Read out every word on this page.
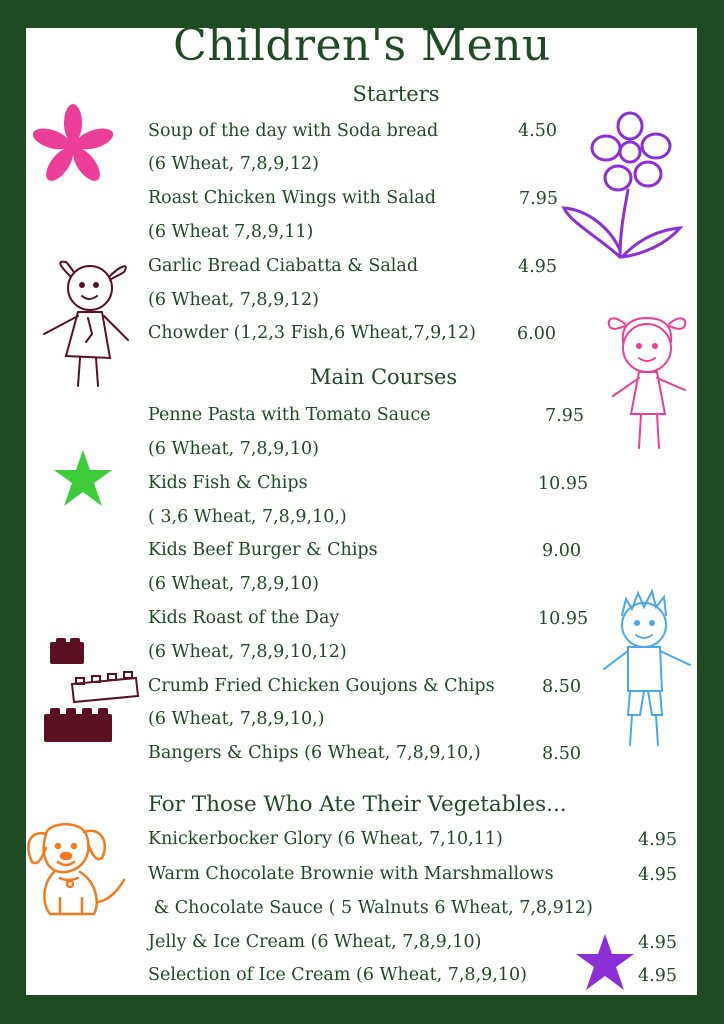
Children's Menu
Starters
Soup of the day with Soda bread	4.50
(6 Wheat, 7,8,9,12)
Roast Chicken Wings with Salad	7.95
(6 Wheat 7,8,9,11)
Garlic Bread Ciabatta & Salad	4.95
(6 Wheat, 7,8,9,12)
Chowder (1,2,3 Fish,6 Wheat,7,9,12) 6.00
Main Courses
Penne Pasta with Tomato Sauce	7.95
(6 Wheat, 7,8,9,10)
Kids Fish & Chips	10.95
( 3,6 Wheat, 7,8,9,10,)
Kids Beef Burger & Chips	9.00
(6 Wheat, 7,8,9,10)
Kids Roast of the Day	10.95
(6 Wheat, 7,8,9,10,12)
Crumb Fried Chicken Goujons & Chips	8.50
(6 Wheat, 7,8,9,10,)
Bangers & Chips (6 Wheat, 7,8,9,10,)	8.50
For Those Who Ate Their Vegetables...
Knickerbocker Glory (6 Wheat, 7,10,11)	4.95
Warm Chocolate Brownie with Marshmallows	4.95
& Chocolate Sauce ( 5 Walnuts 6 Wheat, 7,8,912)
Jelly & Ice Cream (6 Wheat, 7,8,9,10)	4.95
Selection of Ice Cream (6 Wheat, 7,8,9,10)	4.95
